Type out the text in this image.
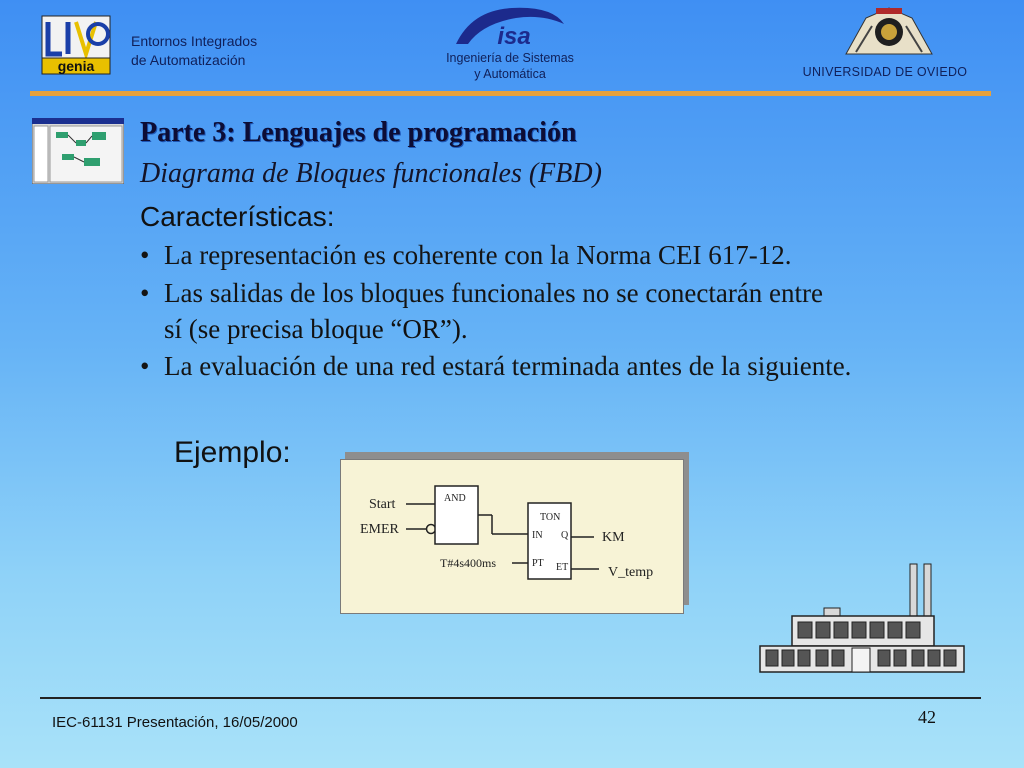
genia
Entornos Integrados
de Automatización
isa
Ingeniería de Sistemas
y Automática	UNIVERSIDAD DE OVIEDO
Parte 3: Lenguajes de programación
Diagrama de Bloques funcionales (FBD)
Características:
• La representación es coherente con la Norma CEI 617-12.
• Las salidas de los bloques funcionales no se conectarán entre
sí (se precisa bloque “OR”).
• La evaluación de una red estará terminada antes de la siguiente.
Ejemplo:
Start
EMER
AND
T#4s400ms
TON
IN Q
PT ET
KM
V_temp
IEC-61131 Presentación, 16/05/2000	42
